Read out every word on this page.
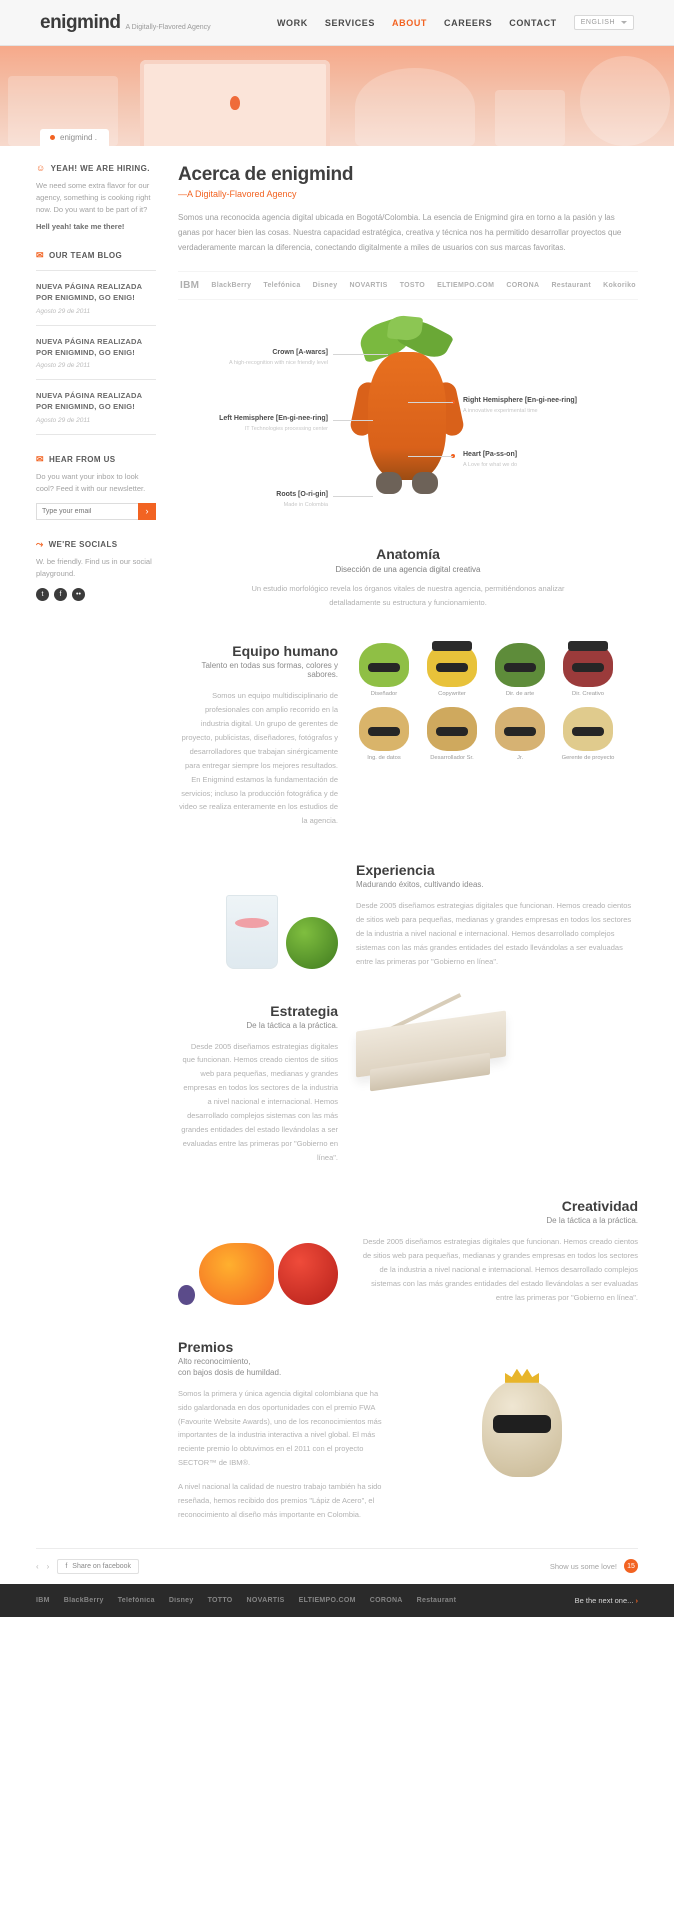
enigmind A Digitally-Flavored Agency	WORK SERVICES ABOUT CAREERS CONTACT	ENGLISH
enigmind .
☺ YEAH! WE ARE HIRING.
We need some extra flavor for our agency, something is cooking right now. Do you want to be part of it?
Hell yeah! take me there!
✉ OUR TEAM BLOG
NUEVA PÁGINA REALIZADA POR ENIGMIND, GO ENIG!
Agosto 29 de 2011
NUEVA PÁGINA REALIZADA POR ENIGMIND, GO ENIG!
Agosto 29 de 2011
NUEVA PÁGINA REALIZADA POR ENIGMIND, GO ENIG!
Agosto 29 de 2011
✉ HEAR FROM US
Do you want your inbox to look cool? Feed it with our newsletter.
Type your email
›
⤳ WE'RE SOCIALS
W. be friendly. Find us in our social playground.
t	f	••
Acerca de enigmind
—A Digitally-Flavored Agency

Somos una reconocida agencia digital ubicada en Bogotá/Colombia. La esencia de Enigmind gira en torno a la pasión y las ganas por hacer bien las cosas. Nuestra capacidad estratégica, creativa y técnica nos ha permitido desarrollar proyectos que verdaderamente marcan la diferencia, conectando digitalmente a miles de usuarios con sus marcas favoritas.

IBM BlackBerry Telefónica Disney NOVARTIS TOSTO ELTIEMPO.COM CORONA Restaurant Kokoriko
Crown [A-warcs]
A high-recognition with nice friendly level
Right Hemisphere [En-gi-nee-ring]
A innovative experimental time
Left Hemisphere [En-gi-nee-ring]
IT Technologies processing center
Heart [Pa-ss-on]
A Love for what we do
Roots [O-ri-gin]
Made in Colombia
Anatomía
Disección de una agencia digital creativa

Un estudio morfológico revela los órganos vitales de nuestra agencia, permitiéndonos analizar detalladamente su estructura y funcionamiento.

Equipo humano
Talento en todas sus formas, colores y sabores.
Somos un equipo multidisciplinario de profesionales con amplio recorrido en la industria digital. Un grupo de gerentes de proyecto, publicistas, diseñadores, fotógrafos y desarrolladores que trabajan sinérgicamente para entregar siempre los mejores resultados. En Enigmind estamos la fundamentación de servicios; incluso la producción fotográfica y de video se realiza enteramente en los estudios de la agencia.
Diseñador	Copywriter	Dir. de arte	Dir. Creativo
Ing. de datos	Desarrollador Sr.	Jr.	Gerente de proyecto
Experiencia
Madurando éxitos, cultivando ideas.
Desde 2005 diseñamos estrategias digitales que funcionan. Hemos creado cientos de sitios web para pequeñas, medianas y grandes empresas en todos los sectores de la industria a nivel nacional e internacional. Hemos desarrollado complejos sistemas con las más grandes entidades del estado llevándolas a ser evaluadas entre las primeras por "Gobierno en línea".
Estrategia
De la táctica a la práctica.
Desde 2005 diseñamos estrategias digitales que funcionan. Hemos creado cientos de sitios web para pequeñas, medianas y grandes empresas en todos los sectores de la industria a nivel nacional e internacional. Hemos desarrollado complejos sistemas con las más grandes entidades del estado llevándolas a ser evaluadas entre las primeras por "Gobierno en línea".
Creatividad
De la táctica a la práctica.
Desde 2005 diseñamos estrategias digitales que funcionan. Hemos creado cientos de sitios web para pequeñas, medianas y grandes empresas en todos los sectores de la industria a nivel nacional e internacional. Hemos desarrollado complejos sistemas con las más grandes entidades del estado llevándolas a ser evaluadas entre las primeras por "Gobierno en línea".
Premios
Alto reconocimiento,
con bajos dosis de humildad.
Somos la primera y única agencia digital colombiana que ha sido galardonada en dos oportunidades con el premio FWA (Favourite Website Awards), uno de los reconocimientos más importantes de la industria interactiva a nivel global. El más reciente premio lo obtuvimos en el 2011 con el proyecto SECTOR™ de IBM®.
A nivel nacional la calidad de nuestro trabajo también ha sido reseñada, hemos recibido dos premios "Lápiz de Acero", el reconocimiento al diseño más importante en Colombia.
‹ › f Share on facebook	Show us some love!	15
IBM BlackBerry Telefónica Disney TOTTO NOVARTIS ELTIEMPO.COM CORONA Restaurant	Be the next one... ›
